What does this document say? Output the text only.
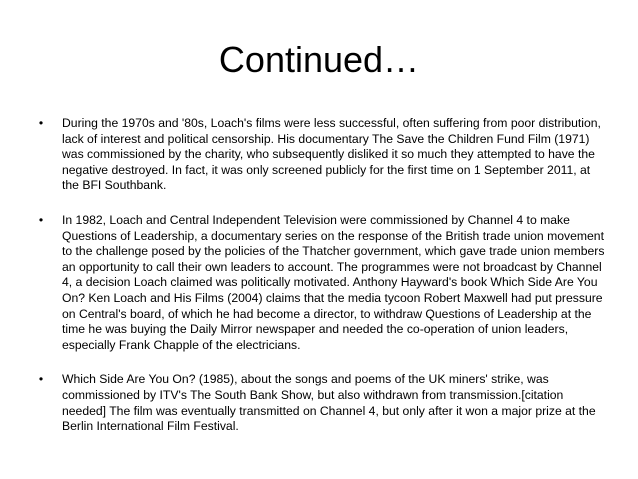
Continued…
• During the 1970s and '80s, Loach's films were less successful, often suffering from poor distribution, lack of interest and political censorship. His documentary The Save the Children Fund Film (1971) was commissioned by the charity, who subsequently disliked it so much they attempted to have the negative destroyed. In fact, it was only screened publicly for the first time on 1 September 2011, at the BFI Southbank.
• In 1982, Loach and Central Independent Television were commissioned by Channel 4 to make Questions of Leadership, a documentary series on the response of the British trade union movement to the challenge posed by the policies of the Thatcher government, which gave trade union members an opportunity to call their own leaders to account. The programmes were not broadcast by Channel 4, a decision Loach claimed was politically motivated. Anthony Hayward's book Which Side Are You On? Ken Loach and His Films (2004) claims that the media tycoon Robert Maxwell had put pressure on Central's board, of which he had become a director, to withdraw Questions of Leadership at the time he was buying the Daily Mirror newspaper and needed the co-operation of union leaders, especially Frank Chapple of the electricians.
• Which Side Are You On? (1985), about the songs and poems of the UK miners' strike, was commissioned by ITV's The South Bank Show, but also withdrawn from transmission.[citation needed] The film was eventually transmitted on Channel 4, but only after it won a major prize at the Berlin International Film Festival.
